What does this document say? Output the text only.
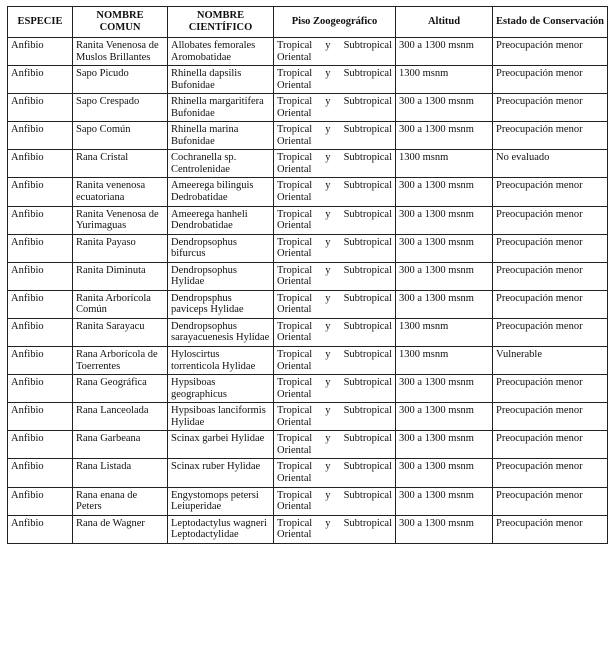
ESPECIE	NOMBRE COMUN	NOMBRE CIENTÍFICO	Piso Zoogeográfico	Altitud	Estado de Conservación
Anfibio	Ranita Venenosa de Muslos Brillantes	Allobates femorales Aromobatidae	Tropical y Subtropical Oriental	300 a 1300 msnm	Preocupación menor
Anfibio	Sapo Picudo	Rhinella dapsilis Bufonidae	Tropical y Subtropical Oriental	1300 msnm	Preocupación menor
Anfibio	Sapo Crespado	Rhinella margaritifera Bufonidae	Tropical y Subtropical Oriental	300 a 1300 msnm	Preocupación menor
Anfibio	Sapo Común	Rhinella marina Bufonidae	Tropical y Subtropical Oriental	300 a 1300 msnm	Preocupación menor
Anfibio	Rana Cristal	Cochranella sp. Centrolenidae	Tropical y Subtropical Oriental	1300 msnm	No evaluado
Anfibio	Ranita venenosa ecuatoriana	Ameerega bilinguis Dedrobatidae	Tropical y Subtropical Oriental	300 a 1300 msnm	Preocupación menor
Anfibio	Ranita Venenosa de Yurimaguas	Ameerega hanheli Dendrobatidae	Tropical y Subtropical Oriental	300 a 1300 msnm	Preocupación menor
Anfibio	Ranita Payaso	Dendropsophus bifurcus	Tropical y Subtropical Oriental	300 a 1300 msnm	Preocupación menor
Anfibio	Ranita Diminuta	Dendropsophus Hylidae	Tropical y Subtropical Oriental	300 a 1300 msnm	Preocupación menor
Anfibio	Ranita Arborícola Común	Dendropsphus paviceps Hylidae	Tropical y Subtropical Oriental	300 a 1300 msnm	Preocupación menor
Anfibio	Ranita Sarayacu	Dendropsophus sarayacuenesis Hylidae	Tropical y Subtropical Oriental	1300 msnm	Preocupación menor
Anfibio	Rana Arborícola de Toerrentes	Hyloscirtus torrenticola Hylidae	Tropical y Subtropical Oriental	1300 msnm	Vulnerable
Anfibio	Rana Geográfica	Hypsiboas geographicus	Tropical y Subtropical Oriental	300 a 1300 msnm	Preocupación menor
Anfibio	Rana Lanceolada	Hypsiboas lanciformis Hylidae	Tropical y Subtropical Oriental	300 a 1300 msnm	Preocupación menor
Anfibio	Rana Garbeana	Scinax garbei Hylidae	Tropical y Subtropical Oriental	300 a 1300 msnm	Preocupación menor
Anfibio	Rana Listada	Scinax ruber Hylidae	Tropical y Subtropical Oriental	300 a 1300 msnm	Preocupación menor
Anfibio	Rana enana de Peters	Engystomops petersi Leiuperidae	Tropical y Subtropical Oriental	300 a 1300 msnm	Preocupación menor
Anfibio	Rana de Wagner	Leptodactylus wagneri Leptodactylidae	Tropical y Subtropical Oriental	300 a 1300 msnm	Preocupación menor
